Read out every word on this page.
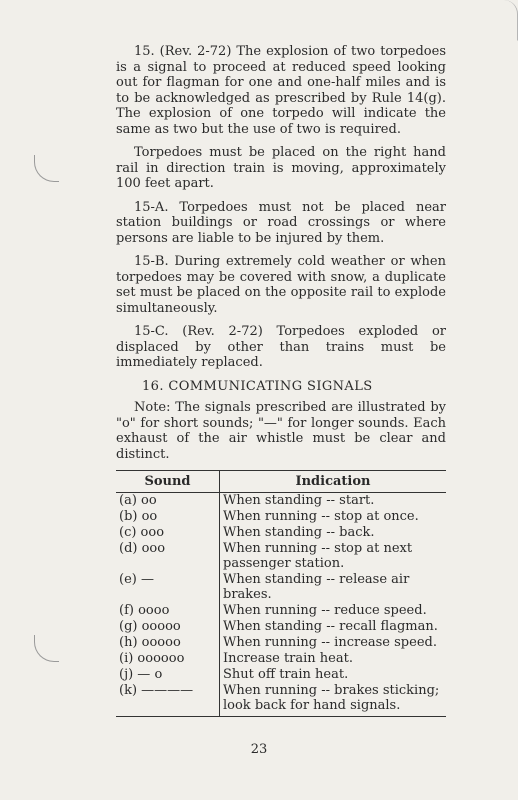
15. (Rev. 2-72) The explosion of two torpedoes is a signal to proceed at reduced speed looking out for flagman for one and one-half miles and is to be acknowledged as prescribed by Rule 14(g). The explosion of one torpedo will indicate the same as two but the use of two is required.

Torpedoes must be placed on the right hand rail in direction train is moving, approximately 100 feet apart.

15-A. Torpedoes must not be placed near station buildings or road crossings or where persons are liable to be injured by them.

15-B. During extremely cold weather or when torpedoes may be covered with snow, a duplicate set must be placed on the opposite rail to explode simultaneously.

15-C. (Rev. 2-72) Torpedoes exploded or displaced by other than trains must be immediately replaced.

16. COMMUNICATING SIGNALS

Note: The signals prescribed are illustrated by "o" for short sounds; "—" for longer sounds. Each exhaust of the air whistle must be clear and distinct.

Sound	Indication
(a) oo	When standing -- start.
(b) oo	When running -- stop at once.
(c) ooo	When standing -- back.
(d) ooo	When running -- stop at next passenger station.
(e) —	When standing -- release air brakes.
(f) oooo	When running -- reduce speed.
(g) ooooo	When standing -- recall flagman.
(h) ooooo	When running -- increase speed.
(i) oooooo	Increase train heat.
(j) — o	Shut off train heat.
(k) ————	When running -- brakes sticking; look back for hand signals.
23
